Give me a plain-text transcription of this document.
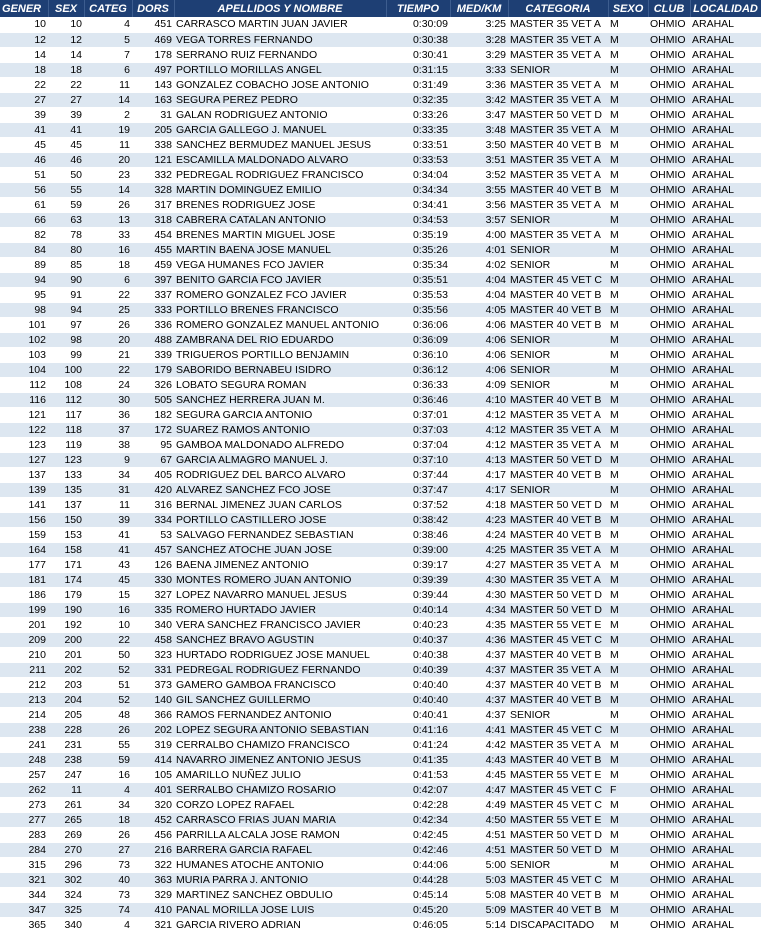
GENER	SEX	CATEG	DORS	APELLIDOS Y NOMBRE	TIEMPO	MED/KM	CATEGORIA	SEXO	CLUB	LOCALIDAD
10	10	4	451	CARRASCO MARTIN JUAN JAVIER	0:30:09	3:25	MASTER 35 VET A	M	OHMIO	ARAHAL
12	12	5	469	VEGA TORRES FERNANDO	0:30:38	3:28	MASTER 35 VET A	M	OHMIO	ARAHAL
14	14	7	178	SERRANO RUIZ FERNANDO	0:30:41	3:29	MASTER 35 VET A	M	OHMIO	ARAHAL
18	18	6	497	PORTILLO MORILLAS ANGEL	0:31:15	3:33	SENIOR	M	OHMIO	ARAHAL
22	22	11	143	GONZALEZ COBACHO JOSE ANTONIO	0:31:49	3:36	MASTER 35 VET A	M	OHMIO	ARAHAL
27	27	14	163	SEGURA PEREZ PEDRO	0:32:35	3:42	MASTER 35 VET A	M	OHMIO	ARAHAL
39	39	2	31	GALAN RODRIGUEZ ANTONIO	0:33:26	3:47	MASTER 50 VET D	M	OHMIO	ARAHAL
41	41	19	205	GARCIA GALLEGO J. MANUEL	0:33:35	3:48	MASTER 35 VET A	M	OHMIO	ARAHAL
45	45	11	338	SANCHEZ BERMUDEZ MANUEL JESUS	0:33:51	3:50	MASTER 40 VET B	M	OHMIO	ARAHAL
46	46	20	121	ESCAMILLA MALDONADO ALVARO	0:33:53	3:51	MASTER 35 VET A	M	OHMIO	ARAHAL
51	50	23	332	PEDREGAL RODRIGUEZ FRANCISCO	0:34:04	3:52	MASTER 35 VET A	M	OHMIO	ARAHAL
56	55	14	328	MARTIN DOMINGUEZ EMILIO	0:34:34	3:55	MASTER 40 VET B	M	OHMIO	ARAHAL
61	59	26	317	BRENES RODRIGUEZ JOSE	0:34:41	3:56	MASTER 35 VET A	M	OHMIO	ARAHAL
66	63	13	318	CABRERA CATALAN ANTONIO	0:34:53	3:57	SENIOR	M	OHMIO	ARAHAL
82	78	33	454	BRENES MARTIN MIGUEL JOSE	0:35:19	4:00	MASTER 35 VET A	M	OHMIO	ARAHAL
84	80	16	455	MARTIN BAENA JOSE MANUEL	0:35:26	4:01	SENIOR	M	OHMIO	ARAHAL
89	85	18	459	VEGA HUMANES FCO JAVIER	0:35:34	4:02	SENIOR	M	OHMIO	ARAHAL
94	90	6	397	BENITO GARCIA FCO JAVIER	0:35:51	4:04	MASTER 45 VET C	M	OHMIO	ARAHAL
95	91	22	337	ROMERO GONZALEZ FCO JAVIER	0:35:53	4:04	MASTER 40 VET B	M	OHMIO	ARAHAL
98	94	25	333	PORTILLO BRENES FRANCISCO	0:35:56	4:05	MASTER 40 VET B	M	OHMIO	ARAHAL
101	97	26	336	ROMERO GONZALEZ MANUEL ANTONIO	0:36:06	4:06	MASTER 40 VET B	M	OHMIO	ARAHAL
102	98	20	488	ZAMBRANA DEL RIO EDUARDO	0:36:09	4:06	SENIOR	M	OHMIO	ARAHAL
103	99	21	339	TRIGUEROS PORTILLO BENJAMIN	0:36:10	4:06	SENIOR	M	OHMIO	ARAHAL
104	100	22	179	SABORIDO BERNABEU ISIDRO	0:36:12	4:06	SENIOR	M	OHMIO	ARAHAL
112	108	24	326	LOBATO SEGURA ROMAN	0:36:33	4:09	SENIOR	M	OHMIO	ARAHAL
116	112	30	505	SANCHEZ HERRERA JUAN M.	0:36:46	4:10	MASTER 40 VET B	M	OHMIO	ARAHAL
121	117	36	182	SEGURA GARCIA ANTONIO	0:37:01	4:12	MASTER 35 VET A	M	OHMIO	ARAHAL
122	118	37	172	SUAREZ RAMOS ANTONIO	0:37:03	4:12	MASTER 35 VET A	M	OHMIO	ARAHAL
123	119	38	95	GAMBOA MALDONADO ALFREDO	0:37:04	4:12	MASTER 35 VET A	M	OHMIO	ARAHAL
127	123	9	67	GARCIA ALMAGRO MANUEL J.	0:37:10	4:13	MASTER 50 VET D	M	OHMIO	ARAHAL
137	133	34	405	RODRIGUEZ DEL BARCO ALVARO	0:37:44	4:17	MASTER 40 VET B	M	OHMIO	ARAHAL
139	135	31	420	ALVAREZ SANCHEZ FCO JOSE	0:37:47	4:17	SENIOR	M	OHMIO	ARAHAL
141	137	11	316	BERNAL JIMENEZ JUAN CARLOS	0:37:52	4:18	MASTER 50 VET D	M	OHMIO	ARAHAL
156	150	39	334	PORTILLO CASTILLERO JOSE	0:38:42	4:23	MASTER 40 VET B	M	OHMIO	ARAHAL
159	153	41	53	SALVAGO FERNANDEZ SEBASTIAN	0:38:46	4:24	MASTER 40 VET B	M	OHMIO	ARAHAL
164	158	41	457	SANCHEZ ATOCHE JUAN JOSE	0:39:00	4:25	MASTER 35 VET A	M	OHMIO	ARAHAL
177	171	43	126	BAENA JIMENEZ ANTONIO	0:39:17	4:27	MASTER 35 VET A	M	OHMIO	ARAHAL
181	174	45	330	MONTES ROMERO JUAN ANTONIO	0:39:39	4:30	MASTER 35 VET A	M	OHMIO	ARAHAL
186	179	15	327	LOPEZ NAVARRO MANUEL JESUS	0:39:44	4:30	MASTER 50 VET D	M	OHMIO	ARAHAL
199	190	16	335	ROMERO HURTADO JAVIER	0:40:14	4:34	MASTER 50 VET D	M	OHMIO	ARAHAL
201	192	10	340	VERA SANCHEZ FRANCISCO JAVIER	0:40:23	4:35	MASTER 55 VET E	M	OHMIO	ARAHAL
209	200	22	458	SANCHEZ BRAVO AGUSTIN	0:40:37	4:36	MASTER 45 VET C	M	OHMIO	ARAHAL
210	201	50	323	HURTADO RODRIGUEZ JOSE MANUEL	0:40:38	4:37	MASTER 40 VET B	M	OHMIO	ARAHAL
211	202	52	331	PEDREGAL RODRIGUEZ FERNANDO	0:40:39	4:37	MASTER 35 VET A	M	OHMIO	ARAHAL
212	203	51	373	GAMERO GAMBOA FRANCISCO	0:40:40	4:37	MASTER 40 VET B	M	OHMIO	ARAHAL
213	204	52	140	GIL SANCHEZ GUILLERMO	0:40:40	4:37	MASTER 40 VET B	M	OHMIO	ARAHAL
214	205	48	366	RAMOS FERNANDEZ ANTONIO	0:40:41	4:37	SENIOR	M	OHMIO	ARAHAL
238	228	26	202	LOPEZ SEGURA ANTONIO SEBASTIAN	0:41:16	4:41	MASTER 45 VET C	M	OHMIO	ARAHAL
241	231	55	319	CERRALBO CHAMIZO FRANCISCO	0:41:24	4:42	MASTER 35 VET A	M	OHMIO	ARAHAL
248	238	59	414	NAVARRO JIMENEZ ANTONIO JESUS	0:41:35	4:43	MASTER 40 VET B	M	OHMIO	ARAHAL
257	247	16	105	AMARILLO NUÑEZ JULIO	0:41:53	4:45	MASTER 55 VET E	M	OHMIO	ARAHAL
262	11	4	401	SERRALBO CHAMIZO ROSARIO	0:42:07	4:47	MASTER 45 VET C	F	OHMIO	ARAHAL
273	261	34	320	CORZO LOPEZ RAFAEL	0:42:28	4:49	MASTER 45 VET C	M	OHMIO	ARAHAL
277	265	18	452	CARRASCO FRIAS JUAN MARIA	0:42:34	4:50	MASTER 55 VET E	M	OHMIO	ARAHAL
283	269	26	456	PARRILLA ALCALA JOSE RAMON	0:42:45	4:51	MASTER 50 VET D	M	OHMIO	ARAHAL
284	270	27	216	BARRERA GARCIA RAFAEL	0:42:46	4:51	MASTER 50 VET D	M	OHMIO	ARAHAL
315	296	73	322	HUMANES ATOCHE ANTONIO	0:44:06	5:00	SENIOR	M	OHMIO	ARAHAL
321	302	40	363	MURIA PARRA J. ANTONIO	0:44:28	5:03	MASTER 45 VET C	M	OHMIO	ARAHAL
344	324	73	329	MARTINEZ SANCHEZ OBDULIO	0:45:14	5:08	MASTER 40 VET B	M	OHMIO	ARAHAL
347	325	74	410	PANAL MORILLA JOSE LUIS	0:45:20	5:09	MASTER 40 VET B	M	OHMIO	ARAHAL
365	340	4	321	GARCIA RIVERO ADRIAN	0:46:05	5:14	DISCAPACITADO	M	OHMIO	ARAHAL
